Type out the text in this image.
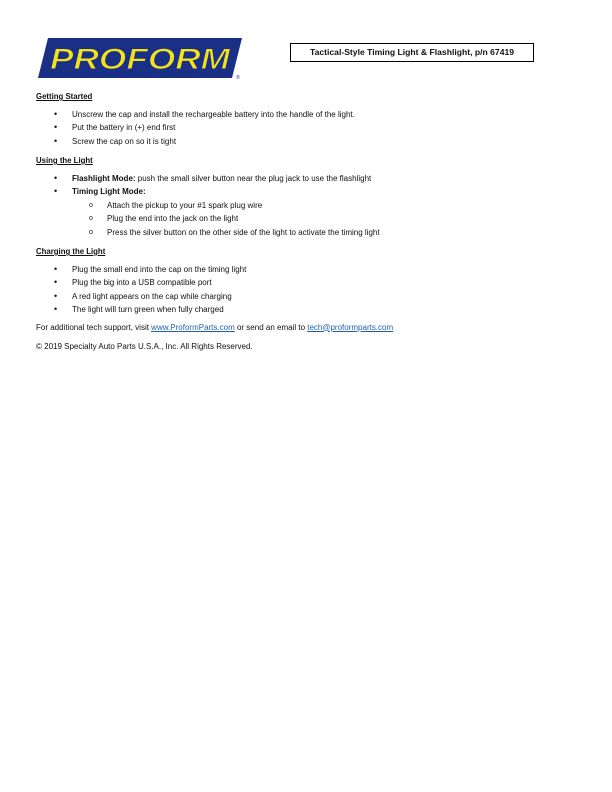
PROFORM
®
Tactical-Style Timing Light & Flashlight, p/n 67419
Getting Started
• Unscrew the cap and install the rechargeable battery into the handle of the light.
• Put the battery in (+) end first
• Screw the cap on so it is tight
Using the Light
• Flashlight Mode: push the small silver button near the plug jack to use the flashlight
• Timing Light Mode:
o Attach the pickup to your #1 spark plug wire
o Plug the end into the jack on the light
o Press the silver button on the other side of the light to activate the timing light
Charging the Light
• Plug the small end into the cap on the timing light
• Plug the big into a USB compatible port
• A red light appears on the cap while charging
• The light will turn green when fully charged
For additional tech support, visit www.ProformParts.com or send an email to tech@proformparts.com
© 2019 Specialty Auto Parts U.S.A., Inc. All Rights Reserved.
